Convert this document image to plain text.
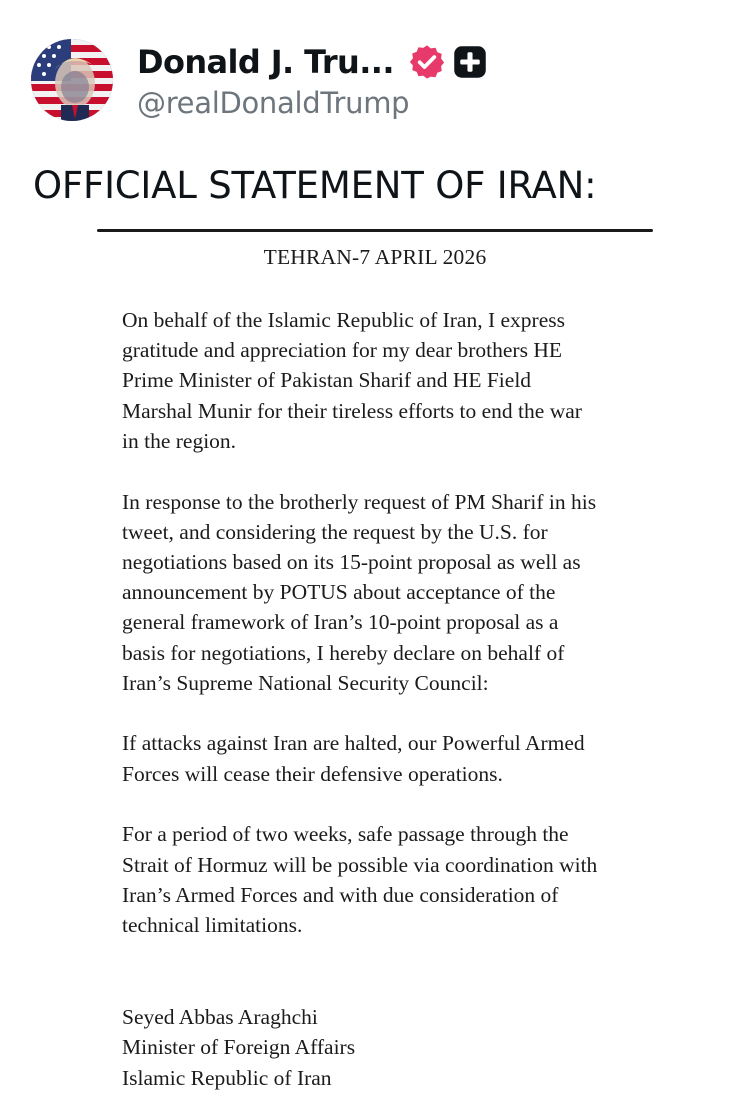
Donald J. Tru...
@realDonaldTrump
OFFICIAL STATEMENT OF IRAN:
TEHRAN-7 APRIL 2026
On behalf of the Islamic Republic of Iran, I express
gratitude and appreciation for my dear brothers HE
Prime Minister of Pakistan Sharif and HE Field
Marshal Munir for their tireless efforts to end the war
in the region.
In response to the brotherly request of PM Sharif in his
tweet, and considering the request by the U.S. for
negotiations based on its 15-point proposal as well as
announcement by POTUS about acceptance of the
general framework of Iran’s 10-point proposal as a
basis for negotiations, I hereby declare on behalf of
Iran’s Supreme National Security Council:
If attacks against Iran are halted, our Powerful Armed
Forces will cease their defensive operations.
For a period of two weeks, safe passage through the
Strait of Hormuz will be possible via coordination with
Iran’s Armed Forces and with due consideration of
technical limitations.
Seyed Abbas Araghchi
Minister of Foreign Affairs
Islamic Republic of Iran
